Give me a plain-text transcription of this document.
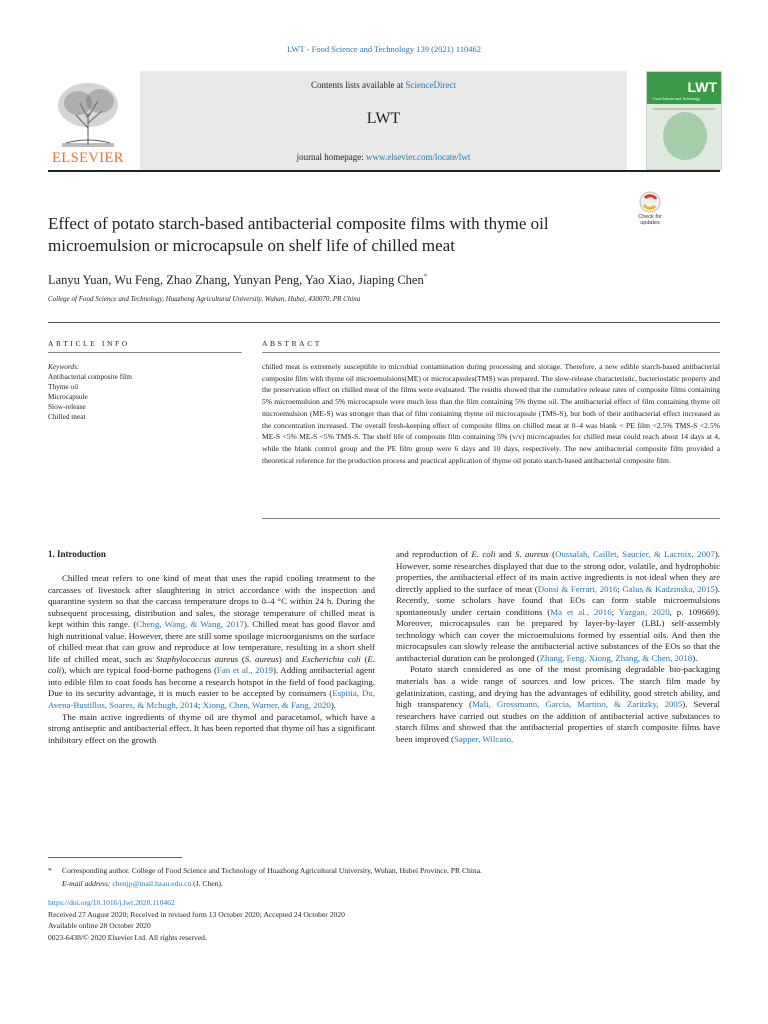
LWT - Food Science and Technology 139 (2021) 110462
ELSEVIER
Contents lists available at ScienceDirect
LWT
journal homepage: www.elsevier.com/locate/lwt
LWT
Food Science and Technology
Effect of potato starch-based antibacterial composite films with thyme oil microemulsion or microcapsule on shelf life of chilled meat
Check for
updates
Lanyu Yuan, Wu Feng, Zhao Zhang, Yunyan Peng, Yao Xiao, Jiaping Chen*
College of Food Science and Technology, Huazhong Agricultural University, Wuhan, Hubei, 430070, PR China
ARTICLE INFO	ABSTRACT
Keywords:
Antibacterial composite film
Thyme oil
Microcapsule
Slow-release
Chilled meat
chilled meat is extremely susceptible to microbial contamination during processing and storage. Therefore, a new edible starch-based antibacterial composite film with thyme oil microemulsions(ME) or microcapsules(TMS) was prepared. The slow-release characteristic, bacteriostatic property and the preservation effect on chilled meat of the films were evaluated. The results showed that the cumulative release rates of composite films containing 5% microemulsion and 5% microcapsule were much less than the film containing 5% thyme oil. The antibacterial effect of film containing thyme oil microemulsion (ME-S) was stronger than that of film containing thyme oil microcapsule (TMS-S), but both of their antibacterial effect increased as the concentration increased. The overall fresh-keeping effect of composite films on chilled meat at 0–4 was blank < PE film <2.5% TMS-S <2.5% ME-S <5% ME-S <5% TMS-S. The shelf life of composite film containing 5% (v/v) microcapsules for chilled meat could reach about 14 days at 4, while the blank control group and the PE film group were 6 days and 10 days, respectively. The new antibacterial composite film provided a theoretical reference for the production process and practical application of thyme oil potato starch-based antibacterial composite film.
1. Introduction

Chilled meat refers to one kind of meat that uses the rapid cooling treatment to the carcasses of livestock after slaughtering in strict accordance with the inspection and quarantine system so that the carcass temperature drops to 0–4 °C within 24 h. During the subsequent processing, distribution and sales, the storage temperature of chilled meat is kept within this range. (Cheng, Wang, & Wang, 2017). Chilled meat has good flavor and high nutritional value. However, there are still some spoilage microorganisms on the surface of chilled meat that can grow and reproduce at low temperature, resulting in a short shelf life of chilled meat, such as Staphylococcus aureus (S. aureus) and Escherichia coli (E. coli), which are typical food-borne pathogens (Fan et al., 2019). Adding antibacterial agent into edible film to coat foods has become a research hotspot in the field of food packaging. Due to its security advantage, it is much easier to be accepted by consumers (Espitia, Du, Avena-Bustillos, Soares, & Mchugh, 2014; Xiong, Chen, Warner, & Fang, 2020).

The main active ingredients of thyme oil are thymol and paracetamol, which have a strong antiseptic and antibacterial effect. It has been reported that thyme oil has a significant inhibitory effect on the growth

and reproduction of E. coli and S. aureus (Oussalah, Caillet, Saucier, & Lacroix, 2007). However, some researches displayed that due to the strong odor, volatile, and hydrophobic properties, the antibacterial effect of its main active ingredients is not ideal when they are directly applied to the surface of meat (Donsì & Ferrari, 2016; Galus & Kadzinska, 2015). Recently, some scholars have found that EOs can form stable microemulsions spontaneously under certain conditions (Ma et al., 2016; Yazgan, 2020, p. 109669). Moreover, microcapsules can be prepared by layer-by-layer (LBL) self-assembly technology which can cover the microemulsions formed by essential oils. And then the microcapsules can slowly release the antibacterial active substances of the EOs so that the antibacterial duration can be prolonged (Zhang, Feng, Xiong, Zhang, & Chen, 2018).

Potato starch considered as one of the most promising degradable bio-packaging materials has a wide range of sources and low prices. The starch film made by gelatinization, casting, and drying has the advantages of edibility, good stretch ability, and high transparency (Mali, Grossmann, Garcia, Martino, & Zaritzky, 2005). Several researchers have carried out studies on the addition of antibacterial active substances to starch films and showed that the antibacterial properties of starch composite films have been improved (Sapper, Wilcaso,

* Corresponding author. College of Food Science and Technology of Huazhong Agricultural University, Wuhan, Hubei Province, PR China.
E-mail address: chenjp@mail.hzau.edu.cn (J. Chen).
https://doi.org/10.1016/j.lwt.2020.110462
Received 27 August 2020; Received in revised form 13 October 2020; Accepted 24 October 2020
Available online 28 October 2020
0023-6438/© 2020 Elsevier Ltd. All rights reserved.
